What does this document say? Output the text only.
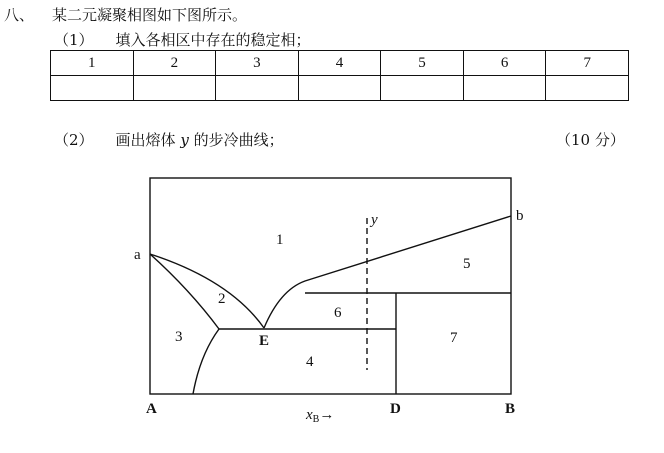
八、 某二元凝聚相图如下图所示。
（1） 填入各相区中存在的稳定相；
1	2	3	4	5	6	7

（2） 画出熔体 y 的步冷曲线；	（10 分）
a
b
E
A	D	B
y
1
2
3
4
5
6
7
$x_B\to$
